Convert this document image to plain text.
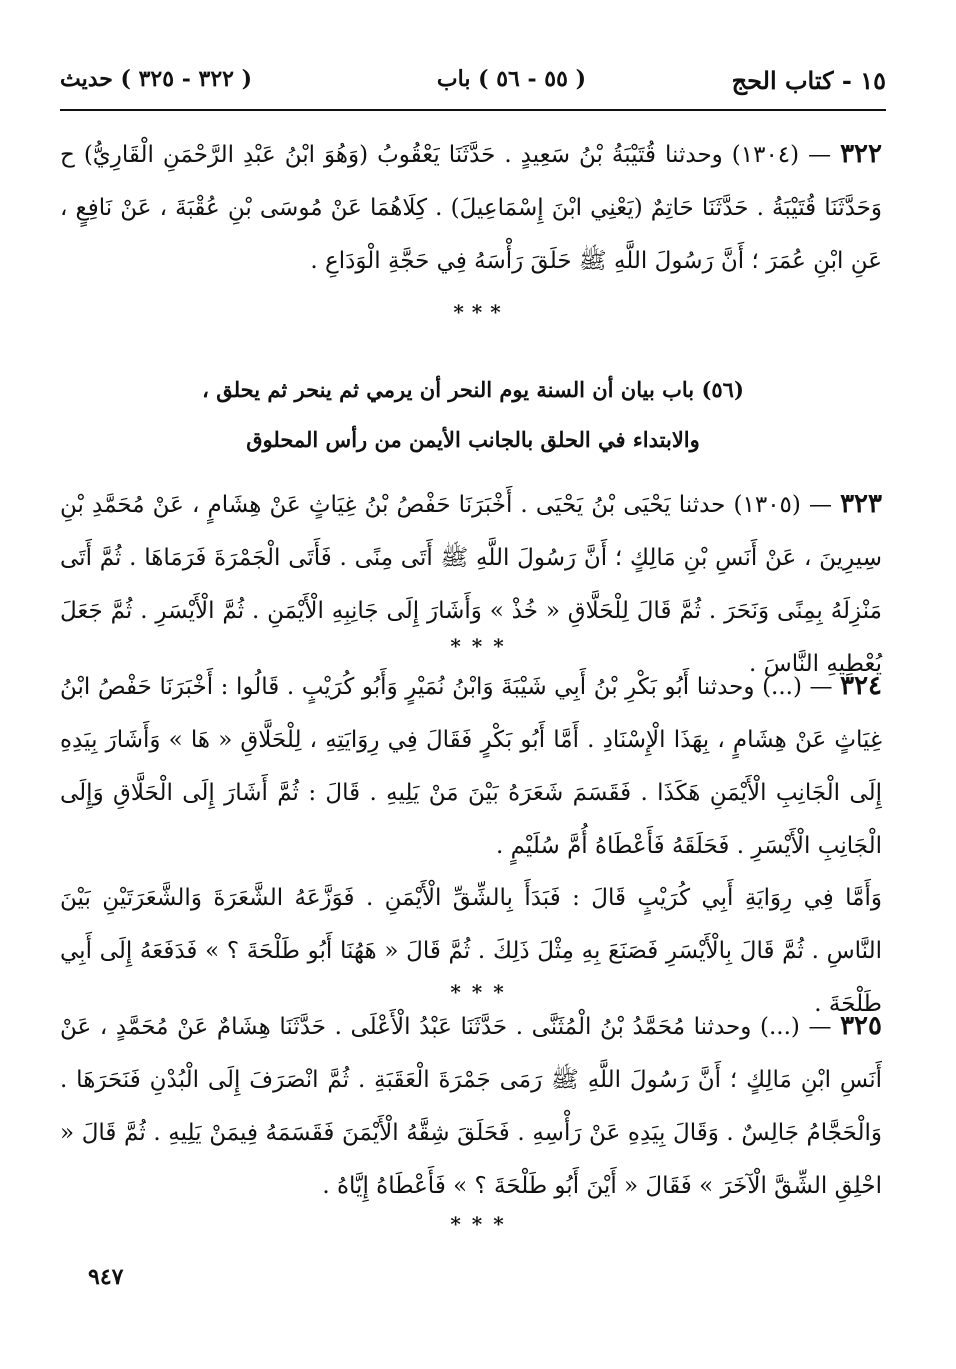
١٥ - كتاب الحج
( ٥٥ - ٥٦ ) باب
( ٣٢٢ - ٣٢٥ ) حديث
٣٢٢ — (١٣٠٤) وحدثنا قُتَيْبَةُ بْنُ سَعِيدٍ . حَدَّثَنَا يَعْقُوبُ (وَهُوَ ابْنُ عَبْدِ الرَّحْمَنِ الْقَارِيُّ) ح وَحَدَّثَنَا قُتَيْبَةُ . حَدَّثَنَا حَاتِمٌ (يَعْنِي ابْنَ إِسْمَاعِيلَ) . كِلَاهُمَا عَنْ مُوسَى بْنِ عُقْبَةَ ، عَنْ نَافِعٍ ، عَنِ ابْنِ عُمَرَ ؛ أَنَّ رَسُولَ اللَّهِ ﷺ حَلَقَ رَأْسَهُ فِي حَجَّةِ الْوَدَاعِ .
* * *
(٥٦) باب بيان أن السنة يوم النحر أن يرمي ثم ينحر ثم يحلق ،
والابتداء في الحلق بالجانب الأيمن من رأس المحلوق
٣٢٣ — (١٣٠٥) حدثنا يَحْيَى بْنُ يَحْيَى . أَخْبَرَنَا حَفْصُ بْنُ غِيَاثٍ عَنْ هِشَامٍ ، عَنْ مُحَمَّدِ بْنِ سِيرِينَ ، عَنْ أَنَسِ بْنِ مَالِكٍ ؛ أَنَّ رَسُولَ اللَّهِ ﷺ أَتَى مِنًى . فَأَتَى الْجَمْرَةَ فَرَمَاهَا . ثُمَّ أَتَى مَنْزِلَهُ بِمِنًى وَنَحَرَ . ثُمَّ قَالَ لِلْحَلَّاقِ « خُذْ » وَأَشَارَ إِلَى جَانِبِهِ الْأَيْمَنِ . ثُمَّ الْأَيْسَرِ . ثُمَّ جَعَلَ يُعْطِيهِ النَّاسَ .
* * *
٣٢٤ — (...) وحدثنا أَبُو بَكْرِ بْنُ أَبِي شَيْبَةَ وَابْنُ نُمَيْرٍ وَأَبُو كُرَيْبٍ . قَالُوا : أَخْبَرَنَا حَفْصُ ابْنُ غِيَاثٍ عَنْ هِشَامٍ ، بِهَذَا الْإِسْنَادِ . أَمَّا أَبُو بَكْرٍ فَقَالَ فِي رِوَايَتِهِ ، لِلْحَلَّاقِ « هَا » وَأَشَارَ بِيَدِهِ إِلَى الْجَانِبِ الْأَيْمَنِ هَكَذَا . فَقَسَمَ شَعَرَهُ بَيْنَ مَنْ يَلِيهِ . قَالَ : ثُمَّ أَشَارَ إِلَى الْحَلَّاقِ وَإِلَى الْجَانِبِ الْأَيْسَرِ . فَحَلَقَهُ فَأَعْطَاهُ أُمَّ سُلَيْمٍ .
وَأَمَّا فِي رِوَايَةِ أَبِي كُرَيْبٍ قَالَ : فَبَدَأَ بِالشِّقِّ الْأَيْمَنِ . فَوَزَّعَهُ الشَّعَرَةَ وَالشَّعَرَتَيْنِ بَيْنَ النَّاسِ . ثُمَّ قَالَ بِالْأَيْسَرِ فَصَنَعَ بِهِ مِثْلَ ذَلِكَ . ثُمَّ قَالَ « هَهُنَا أَبُو طَلْحَةَ ؟ » فَدَفَعَهُ إِلَى أَبِي طَلْحَةَ .
* * *
٣٢٥ — (...) وحدثنا مُحَمَّدُ بْنُ الْمُثَنَّى . حَدَّثَنَا عَبْدُ الْأَعْلَى . حَدَّثَنَا هِشَامٌ عَنْ مُحَمَّدٍ ، عَنْ أَنَسِ ابْنِ مَالِكٍ ؛ أَنَّ رَسُولَ اللَّهِ ﷺ رَمَى جَمْرَةَ الْعَقَبَةِ . ثُمَّ انْصَرَفَ إِلَى الْبُدْنِ فَنَحَرَهَا . وَالْحَجَّامُ جَالِسٌ . وَقَالَ بِيَدِهِ عَنْ رَأْسِهِ . فَحَلَقَ شِقَّهُ الْأَيْمَنَ فَقَسَمَهُ فِيمَنْ يَلِيهِ . ثُمَّ قَالَ « احْلِقِ الشِّقَّ الْآخَرَ » فَقَالَ « أَيْنَ أَبُو طَلْحَةَ ؟ » فَأَعْطَاهُ إِيَّاهُ .
* * *
٩٤٧
